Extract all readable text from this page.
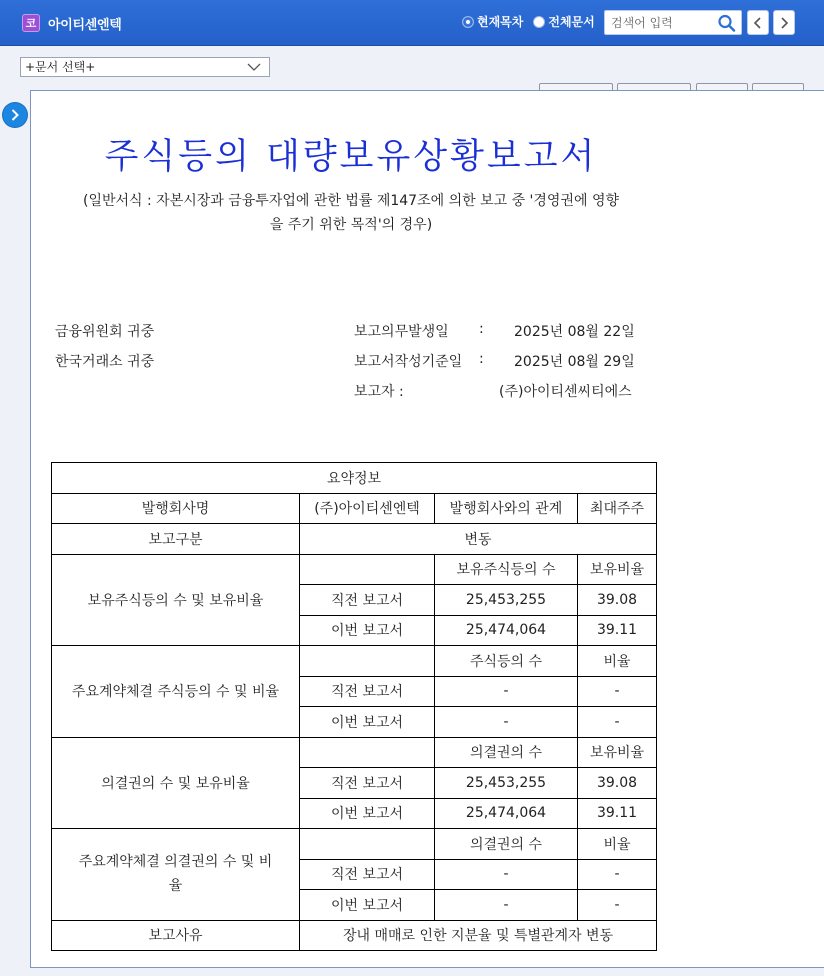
코 아이티센엔텍	현재목차 전체문서
검색어 입력
+문서 선택+
주식등의 대량보유상황보고서
(일반서식 : 자본시장과 금융투자업에 관한 법률 제147조에 의한 보고 중 '경영권에 영향
을 주기 위한 목적'의 경우)
금융위원회 귀중
한국거래소 귀중
보고의무발생일 : 2025년 08월 22일
보고서작성기준일 : 2025년 08월 29일
보고자 :	(주)아이티센씨티에스
요약정보			
발행회사명	(주)아이티센엔텍	발행회사와의 관계	최대주주
보고구분	변동		
보유주식등의 수 및 보유비율		보유주식등의 수	보유비율
	직전 보고서	25,453,255	39.08
	이번 보고서	25,474,064	39.11
주요계약체결 주식등의 수 및 비율		주식등의 수	비율
	직전 보고서	-	-
	이번 보고서	-	-
의결권의 수 및 보유비율		의결권의 수	보유비율
	직전 보고서	25,453,255	39.08
	이번 보고서	25,474,064	39.11
주요계약체결 의결권의 수 및 비율		의결권의 수	비율
	직전 보고서	-	-
	이번 보고서	-	-
보고사유	장내 매매로 인한 지분율 및 특별관계자 변동		
